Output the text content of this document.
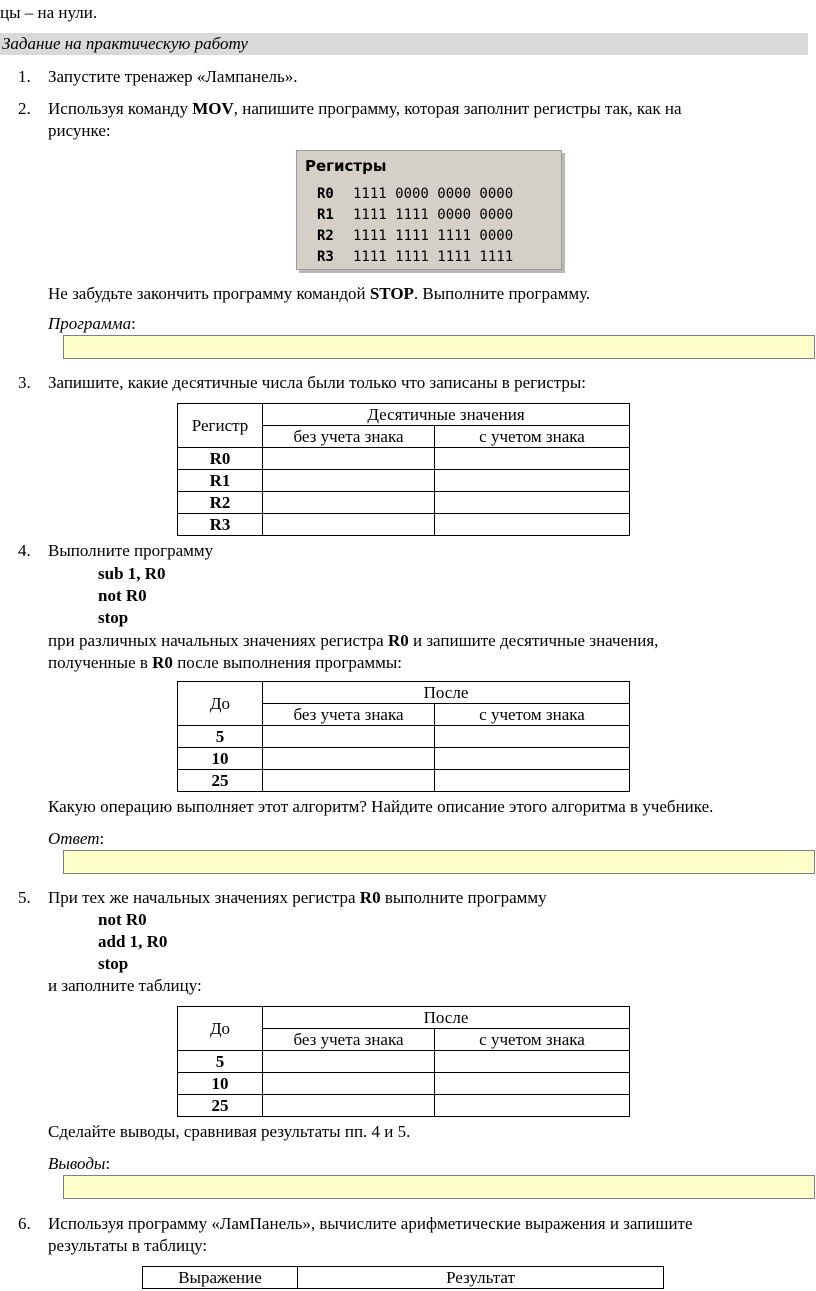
цы – на нули.
Задание на практическую работу
1. Запустите тренажер «Лампанель».
2. Используя команду MOV, напишите программу, которая заполнит регистры так, как на
рисунке:
Регистры
R0 1111 0000 0000 0000
R1 1111 1111 0000 0000
R2 1111 1111 1111 0000
R3 1111 1111 1111 1111
Не забудьте закончить программу командой STOP. Выполните программу.
Программа:
3. Запишите, какие десятичные числа были только что записаны в регистры:
Регистр	Десятичные значения	
	без учета знака	с учетом знака
R0		
R1		
R2		
R3		
4. Выполните программу
sub 1, R0
not R0
stop
при различных начальных значениях регистра R0 и запишите десятичные значения,
полученные в R0 после выполнения программы:
До	После	
	без учета знака	с учетом знака
5		
10		
25		
Какую операцию выполняет этот алгоритм? Найдите описание этого алгоритма в учебнике.
Ответ:
5. При тех же начальных значениях регистра R0 выполните программу
not R0
add 1, R0
stop
и заполните таблицу:
До	После	
	без учета знака	с учетом знака
5		
10		
25		
Сделайте выводы, сравнивая результаты пп. 4 и 5.
Выводы:
6. Используя программу «ЛамПанель», вычислите арифметические выражения и запишите
результаты в таблицу:
Выражение	Результат
